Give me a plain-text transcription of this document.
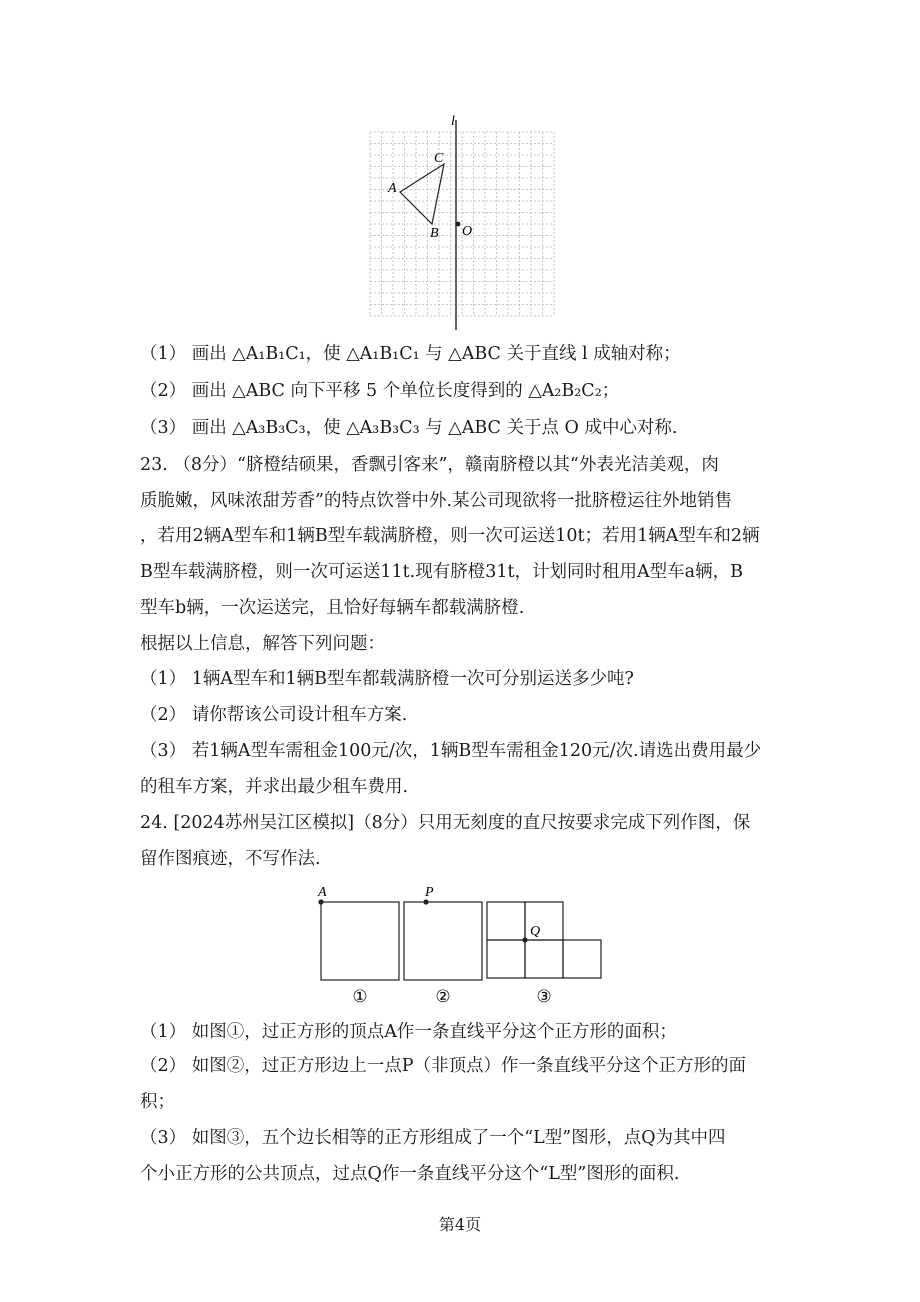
l
A
B
C
O
（1） 画出 △A₁B₁C₁，使 △A₁B₁C₁ 与 △ABC 关于直线 l 成轴对称；
（2） 画出 △ABC 向下平移 5 个单位长度得到的 △A₂B₂C₂；
（3） 画出 △A₃B₃C₃，使 △A₃B₃C₃ 与 △ABC 关于点 O 成中心对称.
23. （8分）“脐橙结硕果，香飘引客来”，赣南脐橙以其“外表光洁美观，肉
质脆嫩，风味浓甜芳香”的特点饮誉中外.某公司现欲将一批脐橙运往外地销售
，若用2辆A型车和1辆B型车载满脐橙，则一次可运送10t；若用1辆A型车和2辆
B型车载满脐橙，则一次可运送11t.现有脐橙31t，计划同时租用A型车a辆，B
型车b辆，一次运送完，且恰好每辆车都载满脐橙.
根据以上信息，解答下列问题：
（1） 1辆A型车和1辆B型车都载满脐橙一次可分别运送多少吨?
（2） 请你帮该公司设计租车方案.
（3） 若1辆A型车需租金100元/次，1辆B型车需租金120元/次.请选出费用最少
的租车方案，并求出最少租车费用.
24. [2024苏州吴江区模拟]（8分）只用无刻度的直尺按要求完成下列作图，保
留作图痕迹，不写作法.
A	P
Q
①	②	③
（1） 如图①，过正方形的顶点A作一条直线平分这个正方形的面积；
（2） 如图②，过正方形边上一点P（非顶点）作一条直线平分这个正方形的面
积；
（3） 如图③，五个边长相等的正方形组成了一个“L型”图形，点Q为其中四
个小正方形的公共顶点，过点Q作一条直线平分这个“L型”图形的面积.
第4页
